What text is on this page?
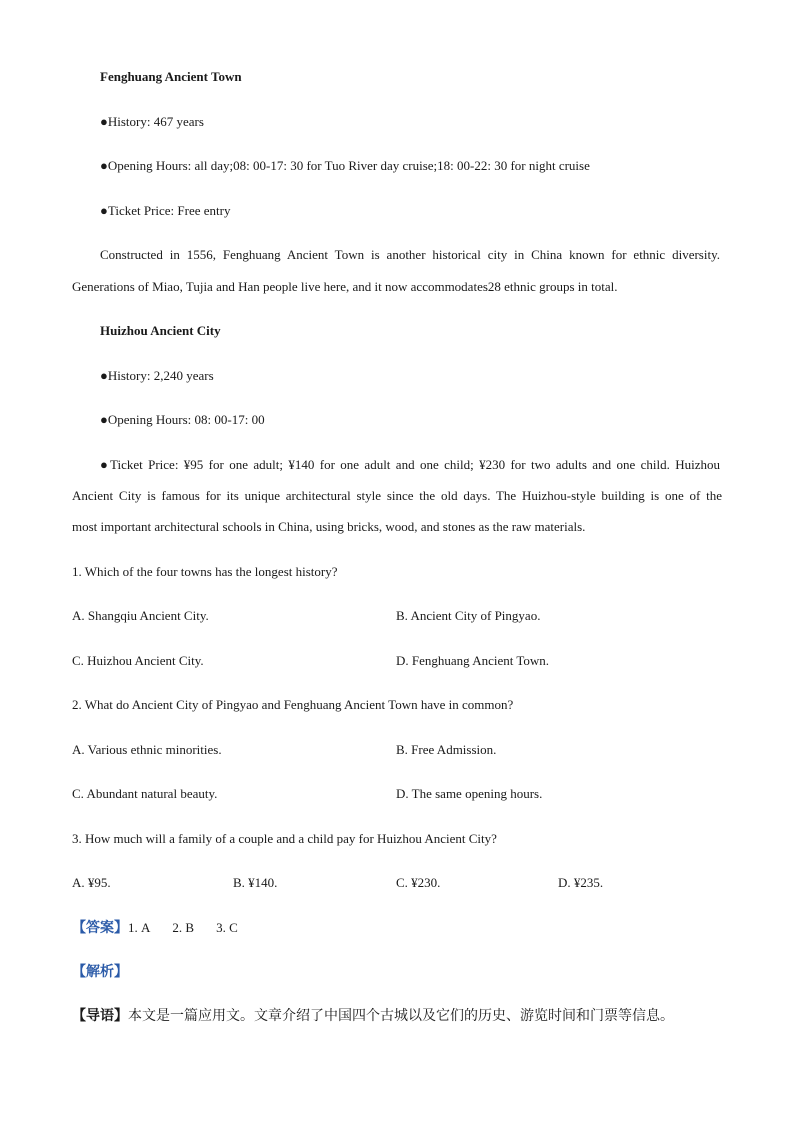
Fenghuang Ancient Town
●History: 467 years
●Opening Hours: all day;08: 00-17: 30 for Tuo River day cruise;18: 00-22: 30 for night cruise
●Ticket Price: Free entry
Constructed in 1556, Fenghuang Ancient Town is another historical city in China known for ethnic diversity.
Generations of Miao, Tujia and Han people live here, and it now accommodates28 ethnic groups in total.
Huizhou Ancient City
●History: 2,240 years
●Opening Hours: 08: 00-17: 00
●Ticket Price: ¥95 for one adult; ¥140 for one adult and one child; ¥230 for two adults and one child. Huizhou
Ancient City is famous for its unique architectural style since the old days. The Huizhou-style building is one of the
most important architectural schools in China, using bricks, wood, and stones as the raw materials.
1. Which of the four towns has the longest history?
A. Shangqiu Ancient City.	B. Ancient City of Pingyao.
C. Huizhou Ancient City.	D. Fenghuang Ancient Town.
2. What do Ancient City of Pingyao and Fenghuang Ancient Town have in common?
A. Various ethnic minorities.	B. Free Admission.
C. Abundant natural beauty.	D. The same opening hours.
3. How much will a family of a couple and a child pay for Huizhou Ancient City?
A. ¥95.	B. ¥140.	C. ¥230.	D. ¥235.
【答案】1. A 2. B 3. C
【解析】
【导语】本文是一篇应用文。文章介绍了中国四个古城以及它们的历史、游览时间和门票等信息。
